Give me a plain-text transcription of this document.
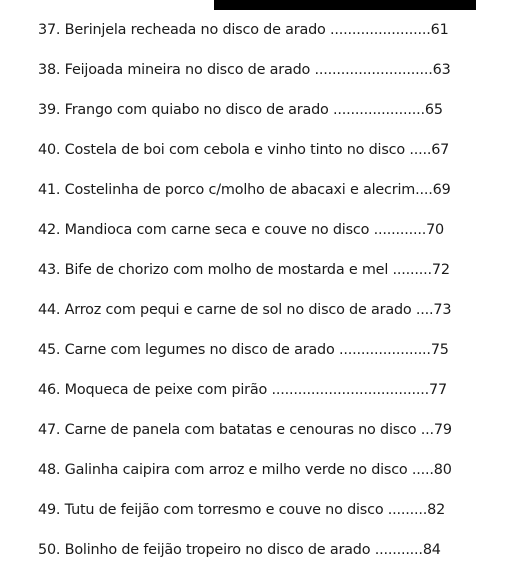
37. Berinjela recheada no disco de arado .......................61
38. Feijoada mineira no disco de arado ...........................63
39. Frango com quiabo no disco de arado .....................65
40. Costela de boi com cebola e vinho tinto no disco .....67
41. Costelinha de porco c/molho de abacaxi e alecrim....69
42. Mandioca com carne seca e couve no disco ............70
43. Bife de chorizo com molho de mostarda e mel .........72
44. Arroz com pequi e carne de sol no disco de arado ....73
45. Carne com legumes no disco de arado .....................75
46. Moqueca de peixe com pirão ....................................77
47. Carne de panela com batatas e cenouras no disco ...79
48. Galinha caipira com arroz e milho verde no disco .....80
49. Tutu de feijão com torresmo e couve no disco .........82
50. Bolinho de feijão tropeiro no disco de arado ...........84
